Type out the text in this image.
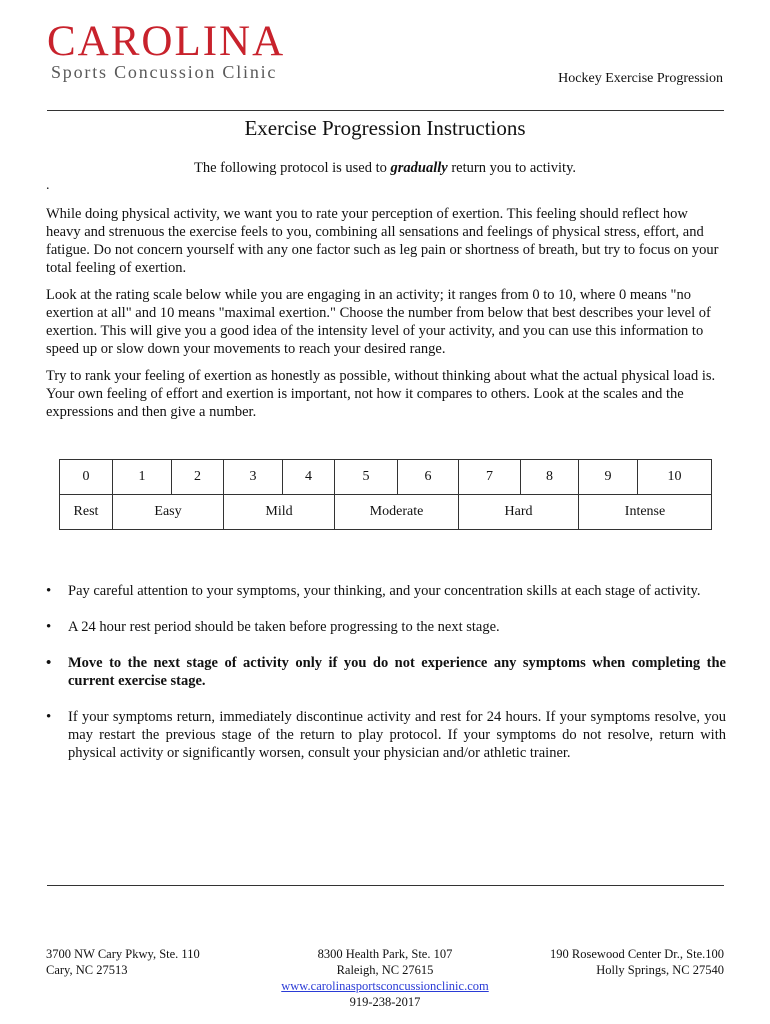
CAROLINA
Sports Concussion Clinic	Hockey Exercise Progression
Exercise Progression Instructions
The following protocol is used to gradually return you to activity.
.

While doing physical activity, we want you to rate your perception of exertion. This feeling should reflect how heavy and strenuous the exercise feels to you, combining all sensations and feelings of physical stress, effort, and fatigue. Do not concern yourself with any one factor such as leg pain or shortness of breath, but try to focus on your total feeling of exertion.

Look at the rating scale below while you are engaging in an activity; it ranges from 0 to 10, where 0 means "no exertion at all" and 10 means "maximal exertion." Choose the number from below that best describes your level of exertion. This will give you a good idea of the intensity level of your activity, and you can use this information to speed up or slow down your movements to reach your desired range.

Try to rank your feeling of exertion as honestly as possible, without thinking about what the actual physical load is. Your own feeling of effort and exertion is important, not how it compares to others. Look at the scales and the expressions and then give a number.

0	1	2	3	4	5	6	7	8	9	10
Rest	Easy		Mild		Moderate		Hard		Intense	
• Pay careful attention to your symptoms, your thinking, and your concentration skills at each stage of activity.
• A 24 hour rest period should be taken before progressing to the next stage.
• Move to the next stage of activity only if you do not experience any symptoms when completing the current exercise stage.
• If your symptoms return, immediately discontinue activity and rest for 24 hours. If your symptoms resolve, you may restart the previous stage of the return to play protocol. If your symptoms do not resolve, return with physical activity or significantly worsen, consult your physician and/or athletic trainer.
3700 NW Cary Pkwy, Ste. 110
Cary, NC 27513
8300 Health Park, Ste. 107
Raleigh, NC 27615
www.carolinasportsconcussionclinic.com
919-238-2017
190 Rosewood Center Dr., Ste.100
Holly Springs, NC 27540
